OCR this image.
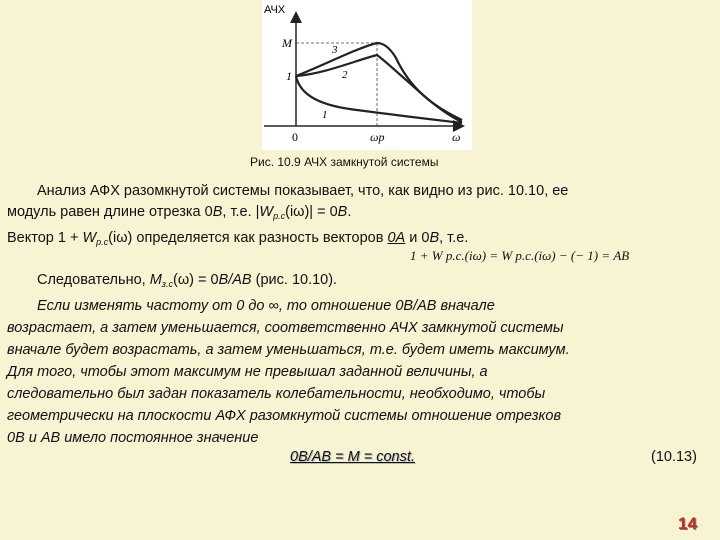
АЧХ
M
1
0	ωр	ω
3
2
1
Рис. 10.9 АЧХ замкнутой системы
Анализ АФХ разомкнутой системы показывает, что, как видно из рис. 10.10, ее
модуль равен длине отрезка 0B, т.е. $|W_{р.с}(i\omega)| = 0B$.
Вектор $1 + W_{р.с}(i\omega)$ определяется как разность векторов 0A и 0B, т.е.
1 + W р.с.(iω) = W р.с.(iω) − (− 1) = AB
Следовательно, $M_{з.с}(\omega) = 0B/AB$ (рис. 10.10).
Если изменять частоту от 0 до ∞, то отношение 0B/AB вначале
возрастает, а затем уменьшается, соответственно АЧХ замкнутой системы
вначале будет возрастать, а затем уменьшаться, т.е. будет иметь максимум.
Для того, чтобы этот максимум не превышал заданной величины, а
следовательно был задан показатель колебательности, необходимо, чтобы
геометрически на плоскости АФХ разомкнутой системы отношение отрезков
0B и AB имело постоянное значение
0B/AB = M = const.	(10.13)
14
